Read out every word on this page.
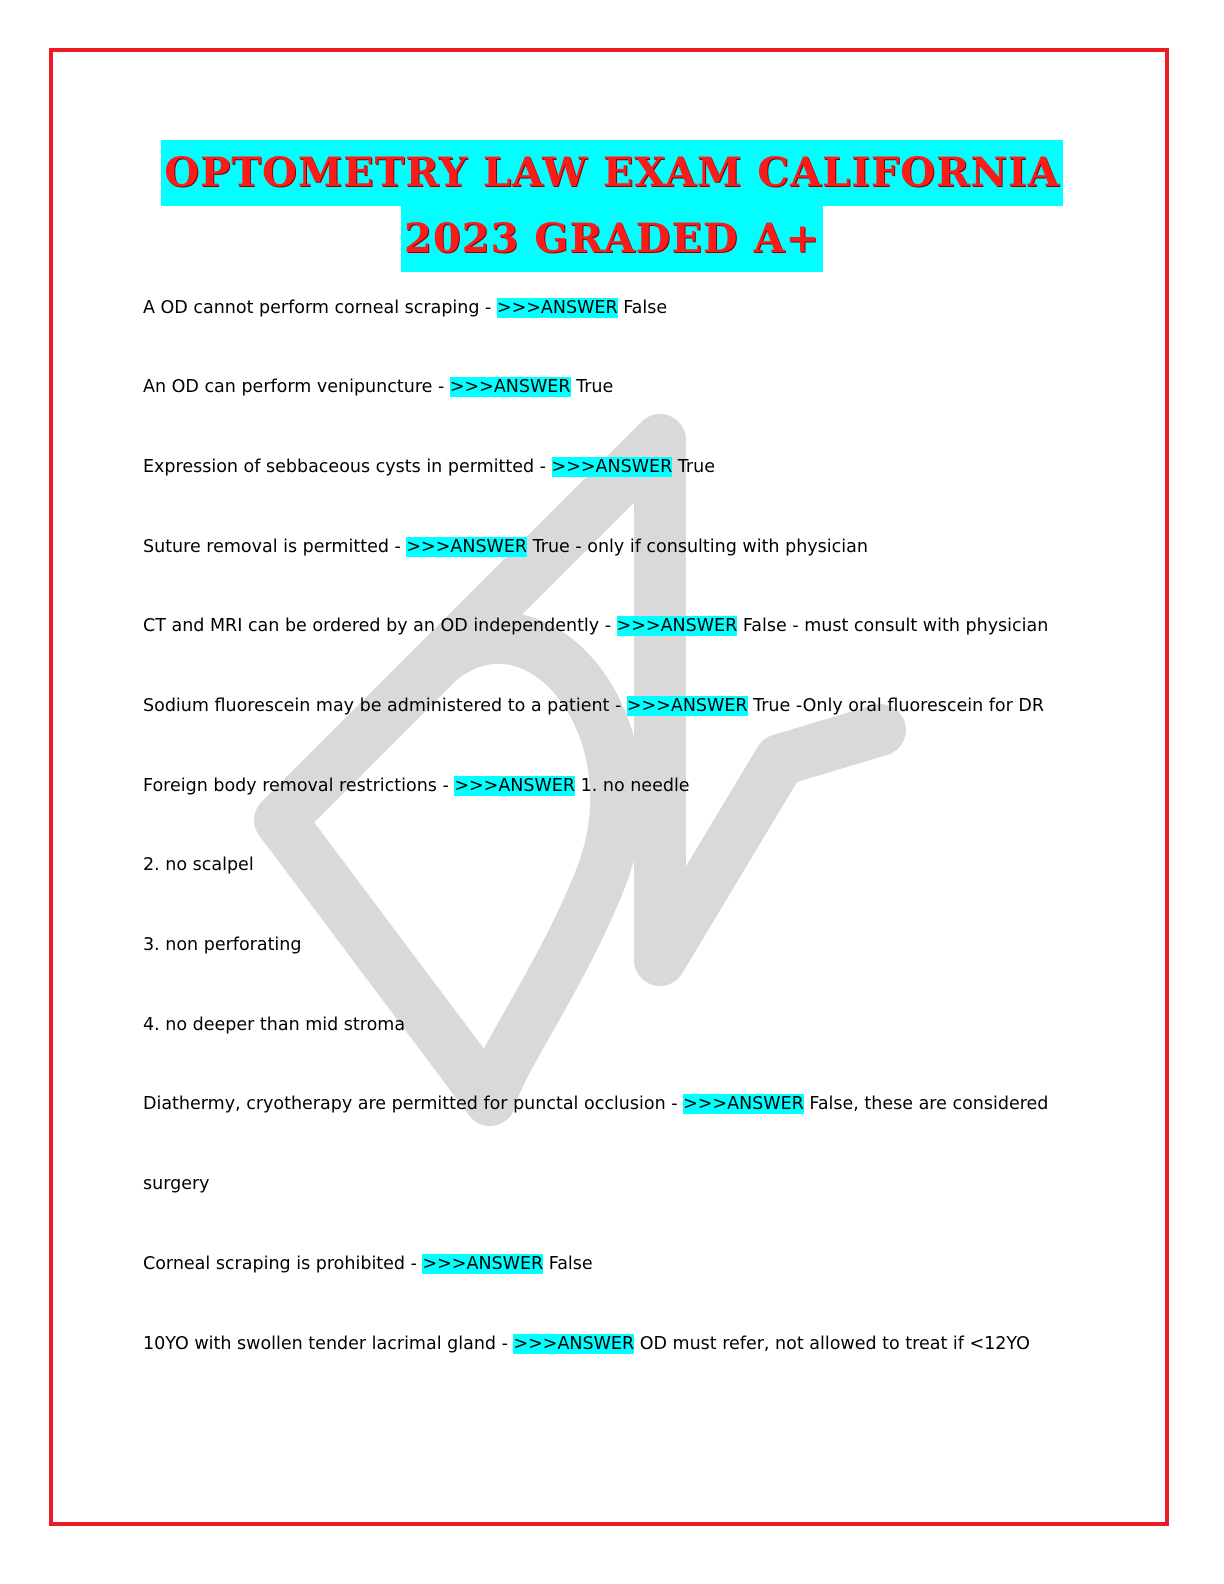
OPTOMETRY LAW EXAM CALIFORNIA
2023 GRADED A+
A OD cannot perform corneal scraping - >>>ANSWER False
An OD can perform venipuncture - >>>ANSWER True
Expression of sebbaceous cysts in permitted - >>>ANSWER True
Suture removal is permitted - >>>ANSWER True - only if consulting with physician
CT and MRI can be ordered by an OD independently - >>>ANSWER False - must consult with physician
Sodium fluorescein may be administered to a patient - >>>ANSWER True -Only oral fluorescein for DR
Foreign body removal restrictions - >>>ANSWER 1. no needle
2. no scalpel
3. non perforating
4. no deeper than mid stroma
Diathermy, cryotherapy are permitted for punctal occlusion - >>>ANSWER False, these are considered
surgery
Corneal scraping is prohibited - >>>ANSWER False
10YO with swollen tender lacrimal gland - >>>ANSWER OD must refer, not allowed to treat if <12YO
